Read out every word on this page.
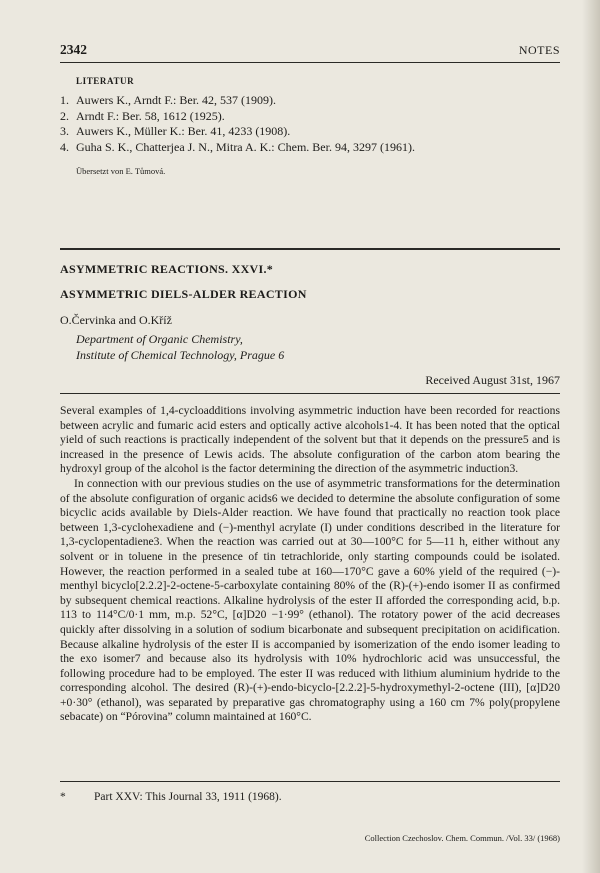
2342	NOTES
LITERATUR
1. Auwers K., Arndt F.: Ber. 42, 537 (1909).
2. Arndt F.: Ber. 58, 1612 (1925).
3. Auwers K., Müller K.: Ber. 41, 4233 (1908).
4. Guha S. K., Chatterjea J. N., Mitra A. K.: Chem. Ber. 94, 3297 (1961).
Übersetzt von E. Tůmová.
ASYMMETRIC REACTIONS. XXVI.*
ASYMMETRIC DIELS-ALDER REACTION
O.Červinka and O.Kříž
Department of Organic Chemistry,
Institute of Chemical Technology, Prague 6
Received August 31st, 1967

Several examples of 1,4-cycloadditions involving asymmetric induction have been recorded for reactions between acrylic and fumaric acid esters and optically active alcohols1-4. It has been noted that the optical yield of such reactions is practically independent of the solvent but that it depends on the pressure5 and is increased in the presence of Lewis acids. The absolute configuration of the carbon atom bearing the hydroxyl group of the alcohol is the factor determining the direction of the asymmetric induction3.

In connection with our previous studies on the use of asymmetric transformations for the determination of the absolute configuration of organic acids6 we decided to determine the absolute configuration of some bicyclic acids available by Diels-Alder reaction. We have found that practically no reaction took place between 1,3-cyclohexadiene and (−)-menthyl acrylate (I) under conditions described in the literature for 1,3-cyclopentadiene3. When the reaction was carried out at 30—100°C for 5—11 h, either without any solvent or in toluene in the presence of tin tetrachloride, only starting compounds could be isolated. However, the reaction performed in a sealed tube at 160—170°C gave a 60% yield of the required (−)-menthyl bicyclo[2.2.2]-2-octene-5-carboxylate containing 80% of the (R)-(+)-endo isomer II as confirmed by subsequent chemical reactions. Alkaline hydrolysis of the ester II afforded the corresponding acid, b.p. 113 to 114°C/0·1 mm, m.p. 52°C, [α]D20 −1·99° (ethanol). The rotatory power of the acid decreases quickly after dissolving in a solution of sodium bicarbonate and subsequent precipitation on acidification. Because alkaline hydrolysis of the ester II is accompanied by isomerization of the endo isomer leading to the exo isomer7 and because also its hydrolysis with 10% hydrochloric acid was unsuccessful, the following procedure had to be employed. The ester II was reduced with lithium aluminium hydride to the corresponding alcohol. The desired (R)-(+)-endo-bicyclo-[2.2.2]-5-hydroxymethyl-2-octene (III), [α]D20 +0·30° (ethanol), was separated by preparative gas chromatography using a 160 cm 7% poly(propylene sebacate) on “Pórovina” column maintained at 160°C.

*	Part XXV: This Journal 33, 1911 (1968).
Collection Czechoslov. Chem. Commun. /Vol. 33/ (1968)
